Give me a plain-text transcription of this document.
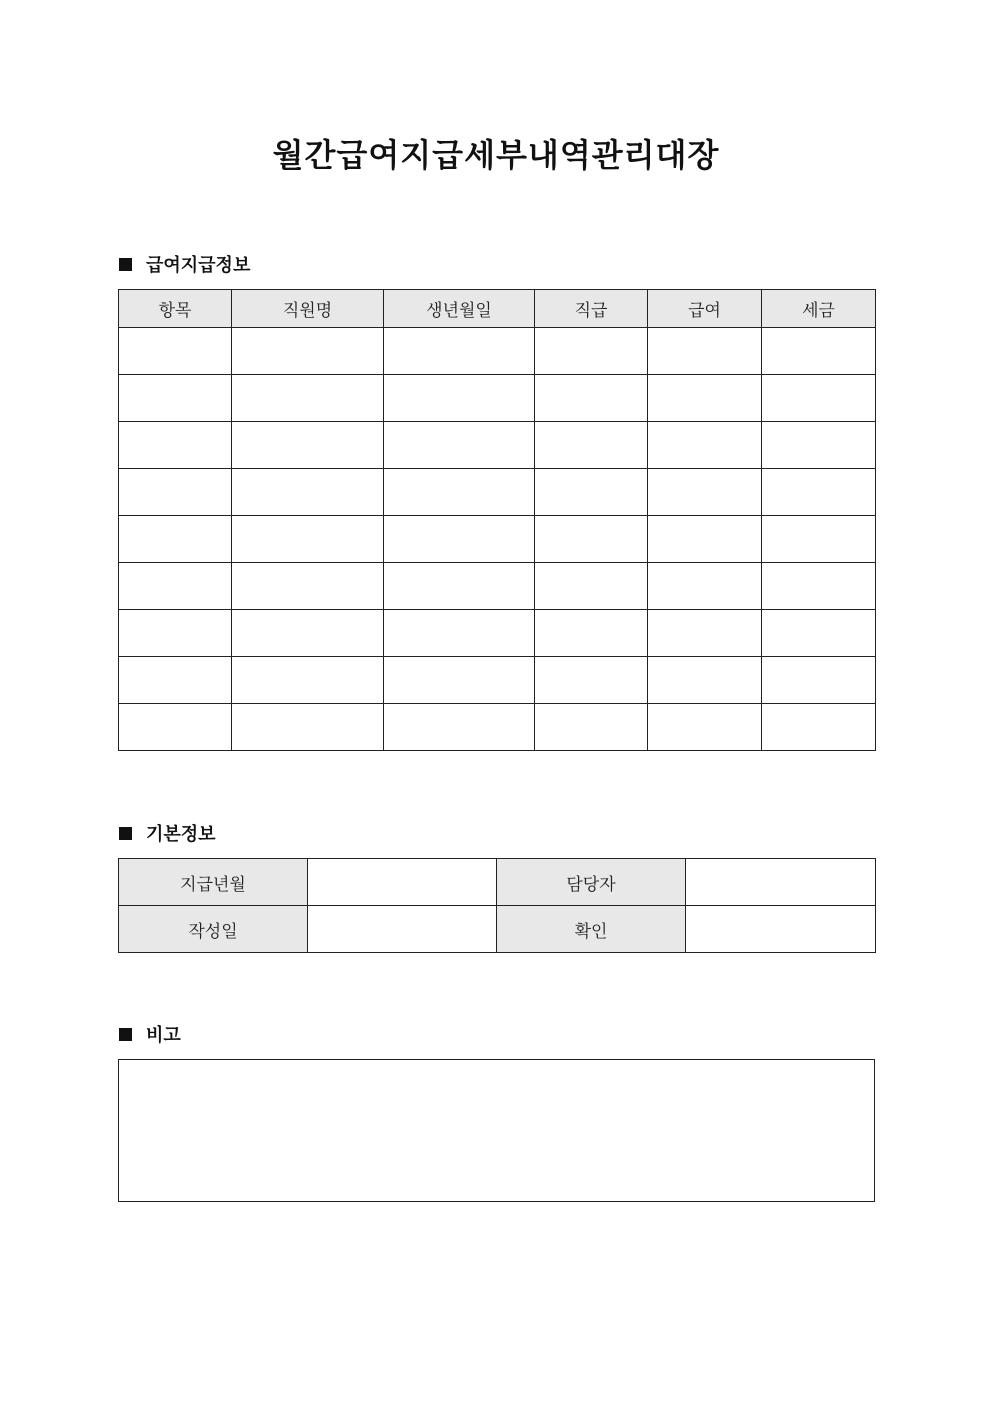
월간급여지급세부내역관리대장
급여지급정보
항목	직원명	생년월일	직급	급여	세금

기본정보
지급년월		담당자	
작성일		확인	
비고
